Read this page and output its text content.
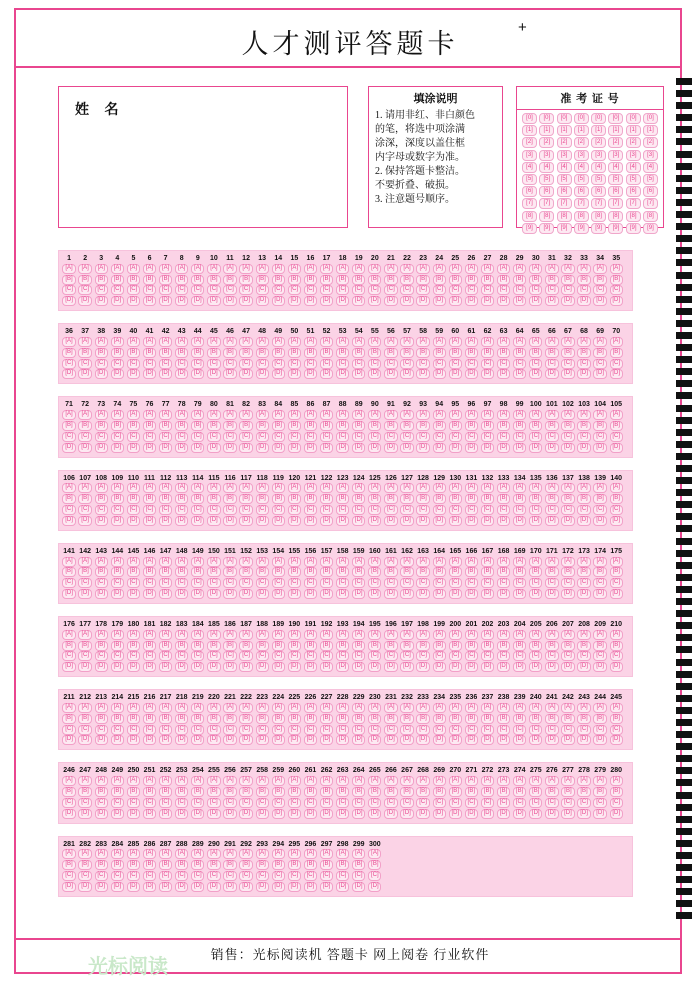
人才测评答题卡
+
姓 名
填涂说明
1. 请用非红、非白颜色
的笔，将选中项涂满
涂深，深度以盖住框
内字母或数字为准。
2. 保持答题卡整洁。
不要折叠、破损。
3. 注意题号顺序。
准 考 证 号
[0]
[1]
[2]
[3]
[4]
[5]
[6]
[7]
[8]
[9]
[0]
[1]
[2]
[3]
[4]
[5]
[6]
[7]
[8]
[9]
[0]
[1]
[2]
[3]
[4]
[5]
[6]
[7]
[8]
[9]
[0]
[1]
[2]
[3]
[4]
[5]
[6]
[7]
[8]
[9]
[0]
[1]
[2]
[3]
[4]
[5]
[6]
[7]
[8]
[9]
[0]
[1]
[2]
[3]
[4]
[5]
[6]
[7]
[8]
[9]
[0]
[1]
[2]
[3]
[4]
[5]
[6]
[7]
[8]
[9]
[0]
[1]
[2]
[3]
[4]
[5]
[6]
[7]
[8]
[9]
1
[A]
[B]
[C]
[D]
2
[A]
[B]
[C]
[D]
3
[A]
[B]
[C]
[D]
4
[A]
[B]
[C]
[D]
5
[A]
[B]
[C]
[D]
6
[A]
[B]
[C]
[D]
7
[A]
[B]
[C]
[D]
8
[A]
[B]
[C]
[D]
9
[A]
[B]
[C]
[D]
10
[A]
[B]
[C]
[D]
11
[A]
[B]
[C]
[D]
12
[A]
[B]
[C]
[D]
13
[A]
[B]
[C]
[D]
14
[A]
[B]
[C]
[D]
15
[A]
[B]
[C]
[D]
16
[A]
[B]
[C]
[D]
17
[A]
[B]
[C]
[D]
18
[A]
[B]
[C]
[D]
19
[A]
[B]
[C]
[D]
20
[A]
[B]
[C]
[D]
21
[A]
[B]
[C]
[D]
22
[A]
[B]
[C]
[D]
23
[A]
[B]
[C]
[D]
24
[A]
[B]
[C]
[D]
25
[A]
[B]
[C]
[D]
26
[A]
[B]
[C]
[D]
27
[A]
[B]
[C]
[D]
28
[A]
[B]
[C]
[D]
29
[A]
[B]
[C]
[D]
30
[A]
[B]
[C]
[D]
31
[A]
[B]
[C]
[D]
32
[A]
[B]
[C]
[D]
33
[A]
[B]
[C]
[D]
34
[A]
[B]
[C]
[D]
35
[A]
[B]
[C]
[D]
36
[A]
[B]
[C]
[D]
37
[A]
[B]
[C]
[D]
38
[A]
[B]
[C]
[D]
39
[A]
[B]
[C]
[D]
40
[A]
[B]
[C]
[D]
41
[A]
[B]
[C]
[D]
42
[A]
[B]
[C]
[D]
43
[A]
[B]
[C]
[D]
44
[A]
[B]
[C]
[D]
45
[A]
[B]
[C]
[D]
46
[A]
[B]
[C]
[D]
47
[A]
[B]
[C]
[D]
48
[A]
[B]
[C]
[D]
49
[A]
[B]
[C]
[D]
50
[A]
[B]
[C]
[D]
51
[A]
[B]
[C]
[D]
52
[A]
[B]
[C]
[D]
53
[A]
[B]
[C]
[D]
54
[A]
[B]
[C]
[D]
55
[A]
[B]
[C]
[D]
56
[A]
[B]
[C]
[D]
57
[A]
[B]
[C]
[D]
58
[A]
[B]
[C]
[D]
59
[A]
[B]
[C]
[D]
60
[A]
[B]
[C]
[D]
61
[A]
[B]
[C]
[D]
62
[A]
[B]
[C]
[D]
63
[A]
[B]
[C]
[D]
64
[A]
[B]
[C]
[D]
65
[A]
[B]
[C]
[D]
66
[A]
[B]
[C]
[D]
67
[A]
[B]
[C]
[D]
68
[A]
[B]
[C]
[D]
69
[A]
[B]
[C]
[D]
70
[A]
[B]
[C]
[D]
71
[A]
[B]
[C]
[D]
72
[A]
[B]
[C]
[D]
73
[A]
[B]
[C]
[D]
74
[A]
[B]
[C]
[D]
75
[A]
[B]
[C]
[D]
76
[A]
[B]
[C]
[D]
77
[A]
[B]
[C]
[D]
78
[A]
[B]
[C]
[D]
79
[A]
[B]
[C]
[D]
80
[A]
[B]
[C]
[D]
81
[A]
[B]
[C]
[D]
82
[A]
[B]
[C]
[D]
83
[A]
[B]
[C]
[D]
84
[A]
[B]
[C]
[D]
85
[A]
[B]
[C]
[D]
86
[A]
[B]
[C]
[D]
87
[A]
[B]
[C]
[D]
88
[A]
[B]
[C]
[D]
89
[A]
[B]
[C]
[D]
90
[A]
[B]
[C]
[D]
91
[A]
[B]
[C]
[D]
92
[A]
[B]
[C]
[D]
93
[A]
[B]
[C]
[D]
94
[A]
[B]
[C]
[D]
95
[A]
[B]
[C]
[D]
96
[A]
[B]
[C]
[D]
97
[A]
[B]
[C]
[D]
98
[A]
[B]
[C]
[D]
99
[A]
[B]
[C]
[D]
100
[A]
[B]
[C]
[D]
101
[A]
[B]
[C]
[D]
102
[A]
[B]
[C]
[D]
103
[A]
[B]
[C]
[D]
104
[A]
[B]
[C]
[D]
105
[A]
[B]
[C]
[D]
106
[A]
[B]
[C]
[D]
107
[A]
[B]
[C]
[D]
108
[A]
[B]
[C]
[D]
109
[A]
[B]
[C]
[D]
110
[A]
[B]
[C]
[D]
111
[A]
[B]
[C]
[D]
112
[A]
[B]
[C]
[D]
113
[A]
[B]
[C]
[D]
114
[A]
[B]
[C]
[D]
115
[A]
[B]
[C]
[D]
116
[A]
[B]
[C]
[D]
117
[A]
[B]
[C]
[D]
118
[A]
[B]
[C]
[D]
119
[A]
[B]
[C]
[D]
120
[A]
[B]
[C]
[D]
121
[A]
[B]
[C]
[D]
122
[A]
[B]
[C]
[D]
123
[A]
[B]
[C]
[D]
124
[A]
[B]
[C]
[D]
125
[A]
[B]
[C]
[D]
126
[A]
[B]
[C]
[D]
127
[A]
[B]
[C]
[D]
128
[A]
[B]
[C]
[D]
129
[A]
[B]
[C]
[D]
130
[A]
[B]
[C]
[D]
131
[A]
[B]
[C]
[D]
132
[A]
[B]
[C]
[D]
133
[A]
[B]
[C]
[D]
134
[A]
[B]
[C]
[D]
135
[A]
[B]
[C]
[D]
136
[A]
[B]
[C]
[D]
137
[A]
[B]
[C]
[D]
138
[A]
[B]
[C]
[D]
139
[A]
[B]
[C]
[D]
140
[A]
[B]
[C]
[D]
141
[A]
[B]
[C]
[D]
142
[A]
[B]
[C]
[D]
143
[A]
[B]
[C]
[D]
144
[A]
[B]
[C]
[D]
145
[A]
[B]
[C]
[D]
146
[A]
[B]
[C]
[D]
147
[A]
[B]
[C]
[D]
148
[A]
[B]
[C]
[D]
149
[A]
[B]
[C]
[D]
150
[A]
[B]
[C]
[D]
151
[A]
[B]
[C]
[D]
152
[A]
[B]
[C]
[D]
153
[A]
[B]
[C]
[D]
154
[A]
[B]
[C]
[D]
155
[A]
[B]
[C]
[D]
156
[A]
[B]
[C]
[D]
157
[A]
[B]
[C]
[D]
158
[A]
[B]
[C]
[D]
159
[A]
[B]
[C]
[D]
160
[A]
[B]
[C]
[D]
161
[A]
[B]
[C]
[D]
162
[A]
[B]
[C]
[D]
163
[A]
[B]
[C]
[D]
164
[A]
[B]
[C]
[D]
165
[A]
[B]
[C]
[D]
166
[A]
[B]
[C]
[D]
167
[A]
[B]
[C]
[D]
168
[A]
[B]
[C]
[D]
169
[A]
[B]
[C]
[D]
170
[A]
[B]
[C]
[D]
171
[A]
[B]
[C]
[D]
172
[A]
[B]
[C]
[D]
173
[A]
[B]
[C]
[D]
174
[A]
[B]
[C]
[D]
175
[A]
[B]
[C]
[D]
176
[A]
[B]
[C]
[D]
177
[A]
[B]
[C]
[D]
178
[A]
[B]
[C]
[D]
179
[A]
[B]
[C]
[D]
180
[A]
[B]
[C]
[D]
181
[A]
[B]
[C]
[D]
182
[A]
[B]
[C]
[D]
183
[A]
[B]
[C]
[D]
184
[A]
[B]
[C]
[D]
185
[A]
[B]
[C]
[D]
186
[A]
[B]
[C]
[D]
187
[A]
[B]
[C]
[D]
188
[A]
[B]
[C]
[D]
189
[A]
[B]
[C]
[D]
190
[A]
[B]
[C]
[D]
191
[A]
[B]
[C]
[D]
192
[A]
[B]
[C]
[D]
193
[A]
[B]
[C]
[D]
194
[A]
[B]
[C]
[D]
195
[A]
[B]
[C]
[D]
196
[A]
[B]
[C]
[D]
197
[A]
[B]
[C]
[D]
198
[A]
[B]
[C]
[D]
199
[A]
[B]
[C]
[D]
200
[A]
[B]
[C]
[D]
201
[A]
[B]
[C]
[D]
202
[A]
[B]
[C]
[D]
203
[A]
[B]
[C]
[D]
204
[A]
[B]
[C]
[D]
205
[A]
[B]
[C]
[D]
206
[A]
[B]
[C]
[D]
207
[A]
[B]
[C]
[D]
208
[A]
[B]
[C]
[D]
209
[A]
[B]
[C]
[D]
210
[A]
[B]
[C]
[D]
211
[A]
[B]
[C]
[D]
212
[A]
[B]
[C]
[D]
213
[A]
[B]
[C]
[D]
214
[A]
[B]
[C]
[D]
215
[A]
[B]
[C]
[D]
216
[A]
[B]
[C]
[D]
217
[A]
[B]
[C]
[D]
218
[A]
[B]
[C]
[D]
219
[A]
[B]
[C]
[D]
220
[A]
[B]
[C]
[D]
221
[A]
[B]
[C]
[D]
222
[A]
[B]
[C]
[D]
223
[A]
[B]
[C]
[D]
224
[A]
[B]
[C]
[D]
225
[A]
[B]
[C]
[D]
226
[A]
[B]
[C]
[D]
227
[A]
[B]
[C]
[D]
228
[A]
[B]
[C]
[D]
229
[A]
[B]
[C]
[D]
230
[A]
[B]
[C]
[D]
231
[A]
[B]
[C]
[D]
232
[A]
[B]
[C]
[D]
233
[A]
[B]
[C]
[D]
234
[A]
[B]
[C]
[D]
235
[A]
[B]
[C]
[D]
236
[A]
[B]
[C]
[D]
237
[A]
[B]
[C]
[D]
238
[A]
[B]
[C]
[D]
239
[A]
[B]
[C]
[D]
240
[A]
[B]
[C]
[D]
241
[A]
[B]
[C]
[D]
242
[A]
[B]
[C]
[D]
243
[A]
[B]
[C]
[D]
244
[A]
[B]
[C]
[D]
245
[A]
[B]
[C]
[D]
246
[A]
[B]
[C]
[D]
247
[A]
[B]
[C]
[D]
248
[A]
[B]
[C]
[D]
249
[A]
[B]
[C]
[D]
250
[A]
[B]
[C]
[D]
251
[A]
[B]
[C]
[D]
252
[A]
[B]
[C]
[D]
253
[A]
[B]
[C]
[D]
254
[A]
[B]
[C]
[D]
255
[A]
[B]
[C]
[D]
256
[A]
[B]
[C]
[D]
257
[A]
[B]
[C]
[D]
258
[A]
[B]
[C]
[D]
259
[A]
[B]
[C]
[D]
260
[A]
[B]
[C]
[D]
261
[A]
[B]
[C]
[D]
262
[A]
[B]
[C]
[D]
263
[A]
[B]
[C]
[D]
264
[A]
[B]
[C]
[D]
265
[A]
[B]
[C]
[D]
266
[A]
[B]
[C]
[D]
267
[A]
[B]
[C]
[D]
268
[A]
[B]
[C]
[D]
269
[A]
[B]
[C]
[D]
270
[A]
[B]
[C]
[D]
271
[A]
[B]
[C]
[D]
272
[A]
[B]
[C]
[D]
273
[A]
[B]
[C]
[D]
274
[A]
[B]
[C]
[D]
275
[A]
[B]
[C]
[D]
276
[A]
[B]
[C]
[D]
277
[A]
[B]
[C]
[D]
278
[A]
[B]
[C]
[D]
279
[A]
[B]
[C]
[D]
280
[A]
[B]
[C]
[D]
281
[A]
[B]
[C]
[D]
282
[A]
[B]
[C]
[D]
283
[A]
[B]
[C]
[D]
284
[A]
[B]
[C]
[D]
285
[A]
[B]
[C]
[D]
286
[A]
[B]
[C]
[D]
287
[A]
[B]
[C]
[D]
288
[A]
[B]
[C]
[D]
289
[A]
[B]
[C]
[D]
290
[A]
[B]
[C]
[D]
291
[A]
[B]
[C]
[D]
292
[A]
[B]
[C]
[D]
293
[A]
[B]
[C]
[D]
294
[A]
[B]
[C]
[D]
295
[A]
[B]
[C]
[D]
296
[A]
[B]
[C]
[D]
297
[A]
[B]
[C]
[D]
298
[A]
[B]
[C]
[D]
299
[A]
[B]
[C]
[D]
300
[A]
[B]
[C]
[D]
光标阅读
销售：光标阅读机 答题卡 网上阅卷 行业软件
